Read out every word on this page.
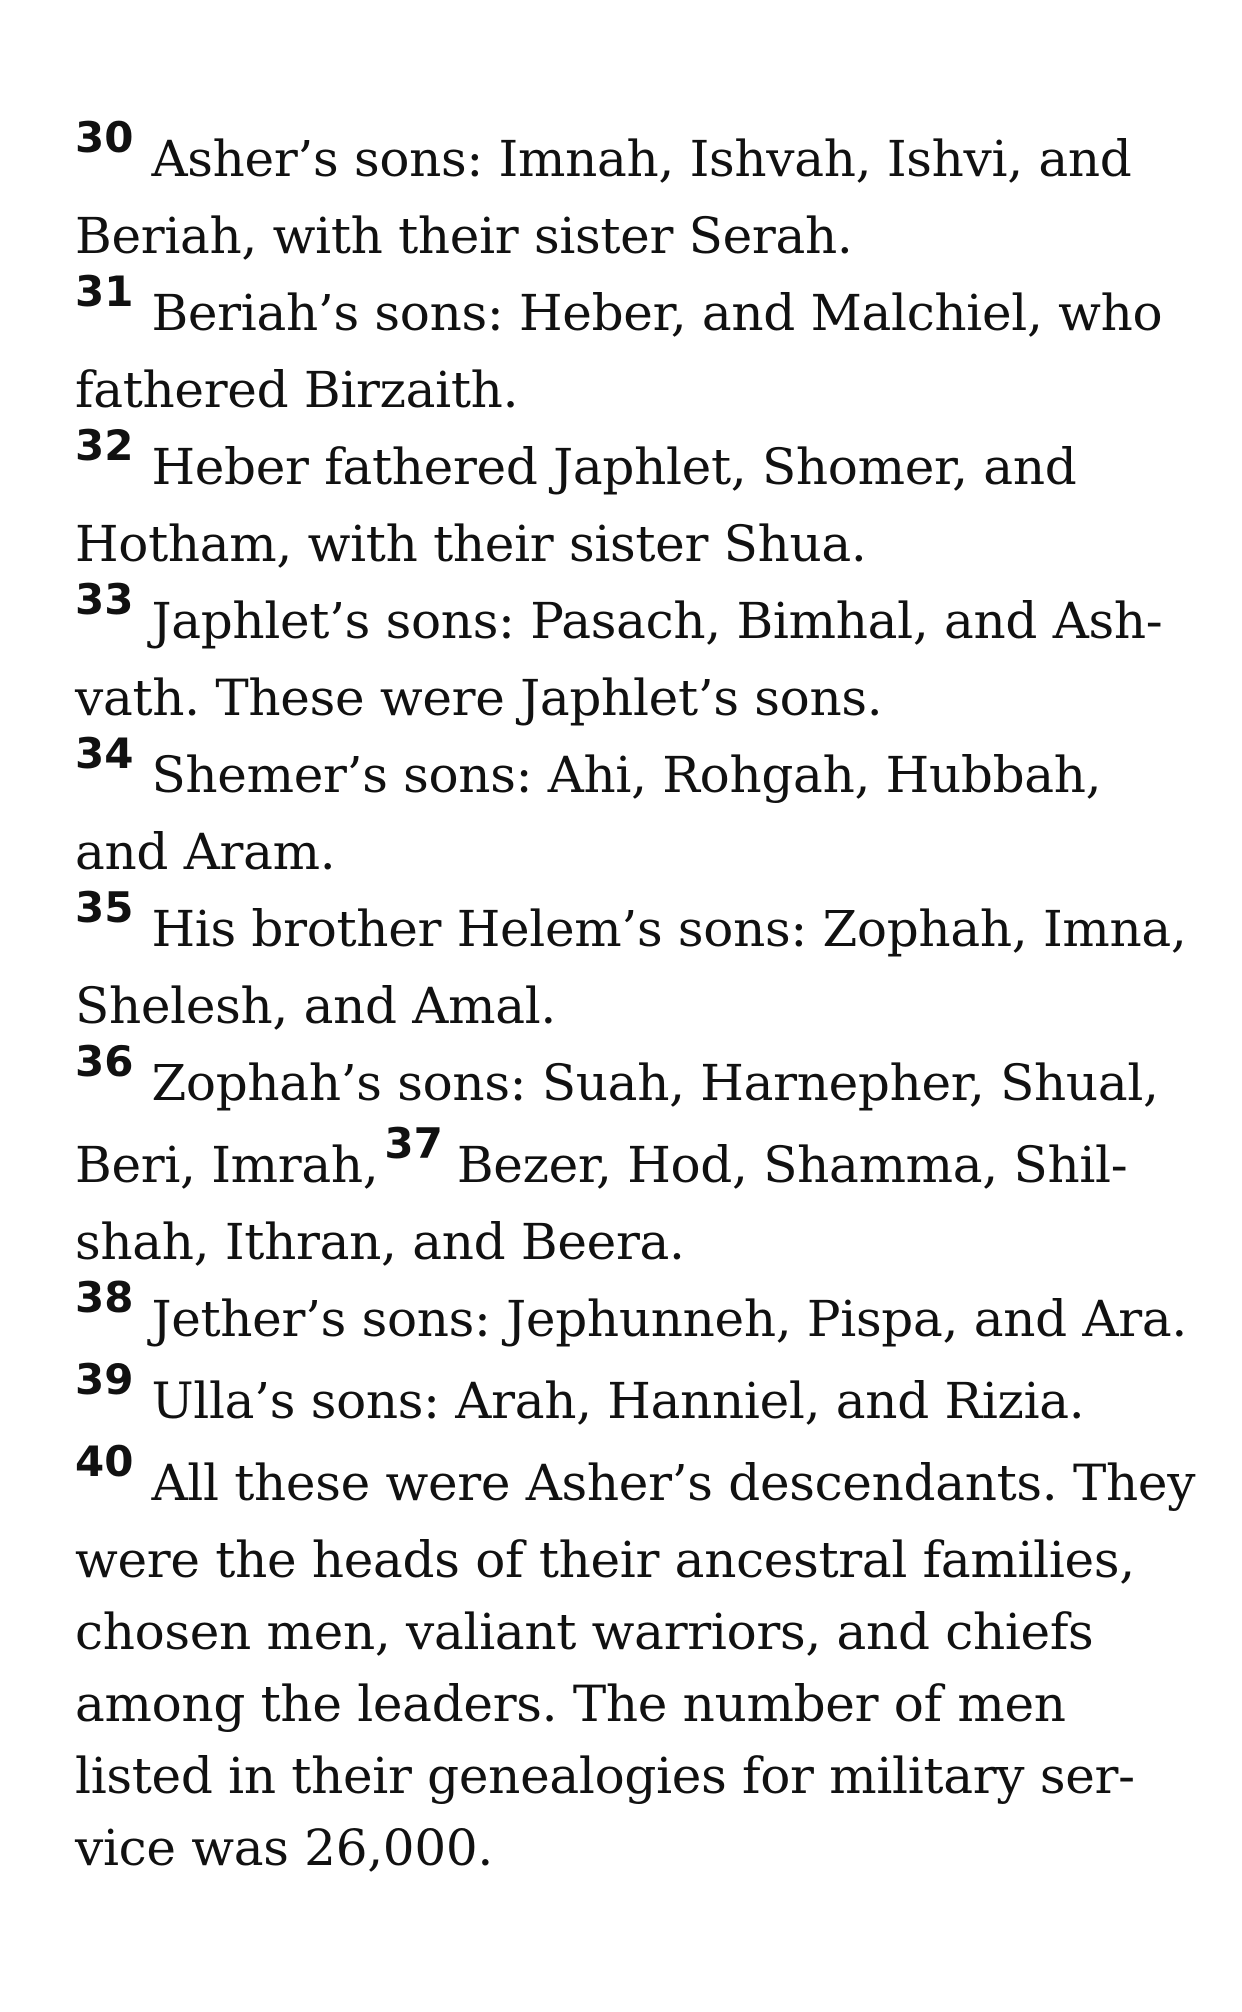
$^{30}$ Asher’s sons: Imnah, Ishvah, Ishvi, and
Beriah, with their sister Serah.
$^{31}$ Beriah’s sons: Heber, and Malchiel, who
fathered Birzaith.
$^{32}$ Heber fathered Japhlet, Shomer, and
Hotham, with their sister Shua.
$^{33}$ Japhlet’s sons: Pasach, Bimhal, and Ash-
vath. These were Japhlet’s sons.
$^{34}$ Shemer’s sons: Ahi, Rohgah, Hubbah,
and Aram.
$^{35}$ His brother Helem’s sons: Zophah, Imna,
Shelesh, and Amal.
$^{36}$ Zophah’s sons: Suah, Harnepher, Shual,
Beri, Imrah, $^{37}$ Bezer, Hod, Shamma, Shil-
shah, Ithran, and Beera.
$^{38}$ Jether’s sons: Jephunneh, Pispa, and Ara.
$^{39}$ Ulla’s sons: Arah, Hanniel, and Rizia.
$^{40}$ All these were Asher’s descendants. They
were the heads of their ancestral families,
chosen men, valiant warriors, and chiefs
among the leaders. The number of men
listed in their genealogies for military ser-
vice was 26,000.
